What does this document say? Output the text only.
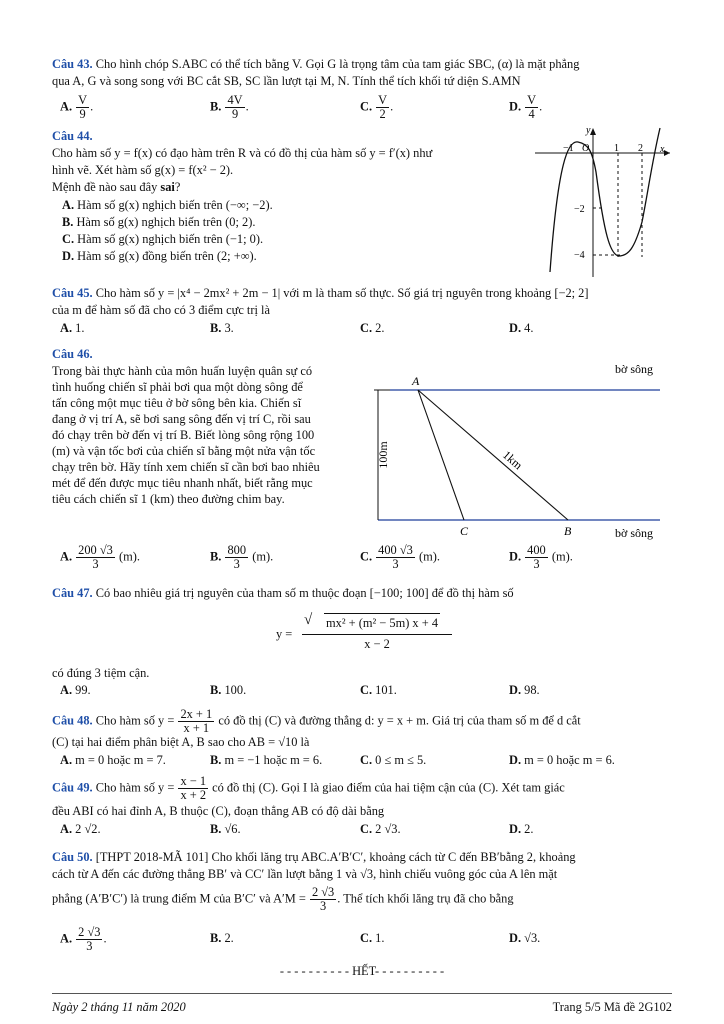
Câu 43. Cho hình chóp S.ABC có thể tích bằng V. Gọi G là trọng tâm của tam giác SBC, (α) là mặt phẳng
qua A, G và song song với BC cắt SB, SC lần lượt tại M, N. Tính thể tích khối tứ diện S.AMN
A. $\frac{V}{9}$ .	B. $\frac{4V}{9}$ .	C. $\frac{V}{2}$ .	D. $\frac{V}{4}$ .
Câu 44.
Cho hàm số y = f(x) có đạo hàm trên R và có đồ thị của hàm số y = f′(x) như
hình vẽ. Xét hàm số g(x) = f(x² − 2).
Mệnh đề nào sau đây sai?
A. Hàm số g(x) nghịch biến trên (−∞; −2).
B. Hàm số g(x) nghịch biến trên (0; 2).
C. Hàm số g(x) nghịch biến trên (−1; 0).
D. Hàm số g(x) đồng biến trên (2; +∞).
y
x
O
−1	1 2
−2
−4
Câu 45. Cho hàm số y = |x⁴ − 2mx² + 2m − 1| với m là tham số thực. Số giá trị nguyên trong khoảng [−2; 2]
của m để hàm số đã cho có 3 điểm cực trị là
A. 1.	B. 3.	C. 2.	D. 4.
Câu 46.
Trong bài thực hành của môn huấn luyện quân sự có
tình huống chiến sĩ phải bơi qua một dòng sông để
tấn công một mục tiêu ở bờ sông bên kia. Chiến sĩ
đang ở vị trí A, sẽ bơi sang sông đến vị trí C, rồi sau
đó chạy trên bờ đến vị trí B. Biết lòng sông rộng 100
(m) và vận tốc bơi của chiến sĩ bằng một nửa vận tốc
chạy trên bờ. Hãy tính xem chiến sĩ cần bơi bao nhiêu
mét để đến được mục tiêu nhanh nhất, biết rằng mục
tiêu cách chiến sĩ 1 (km) theo đường chim bay.
bờ sông
bờ sông
A
C	B
100m	1km
A. $\frac{200 √3}{3} (m)$.	B. $\frac{800}{3} (m)$.	C. $\frac{400 √3}{3} (m)$.	D. $\frac{400}{3} (m)$.
Câu 47. Có bao nhiêu giá trị nguyên của tham số m thuộc đoạn [−100; 100] để đồ thị hàm số
y =
√ mx² + (m² − 5m) x + 4
x − 2
có đúng 3 tiệm cận.
A. 99.	B. 100.	C. 101.	D. 98.
Câu 48. Cho hàm số $y = \frac{2x + 1}{x + 1}$ có đồ thị (C) và đường thẳng d: y = x + m. Giá trị của tham số m để d cắt
(C) tại hai điểm phân biệt A, B sao cho AB = √10 là
A. m = 0 hoặc m = 7.	B. m = −1 hoặc m = 6.	C. 0 ≤ m ≤ 5.	D. m = 0 hoặc m = 6.
Câu 49. Cho hàm số $y = \frac{x - 1}{x + 2}$ có đồ thị (C). Gọi I là giao điểm của hai tiệm cận của (C). Xét tam giác
đều ABI có hai đỉnh A, B thuộc (C), đoạn thẳng AB có độ dài bằng
A. 2 √2.	B. √6.	C. 2 √3.	D. 2.
Câu 50. [THPT 2018-MÃ 101] Cho khối lăng trụ ABC.A′B′C′, khoảng cách từ C đến BB′bằng 2, khoảng
cách từ A đến các đường thẳng BB′ và CC′ lần lượt bằng 1 và √3, hình chiếu vuông góc của A lên mặt
phẳng (A′B′C′) là trung điểm M của B′C′ và $A'M = \frac{2 √3}{3}$ . Thể tích khối lăng trụ đã cho bằng
A. $\frac{2 √3}{3}$ .	B. 2.	C. 1.	D. √3.
- - - - - - - - - - HẾT- - - - - - - - - -
Ngày 2 tháng 11 năm 2020	Trang 5/5 Mã đề 2G102
